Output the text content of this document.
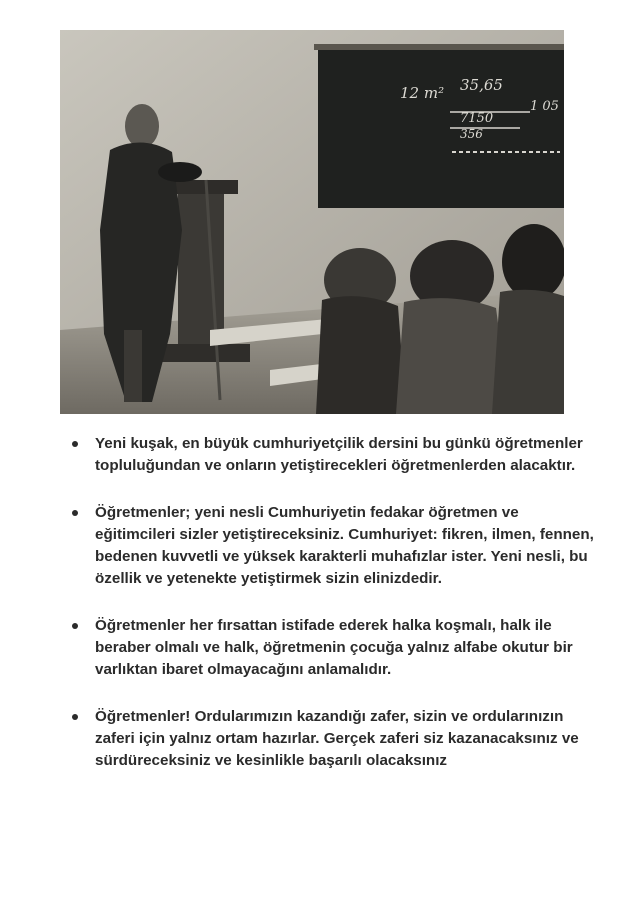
12 m² 35,65
7150
356
1 05
Yeni kuşak, en büyük cumhuriyetçilik dersini bu günkü öğretmenler topluluğundan ve onların yetiştirecekleri öğretmenlerden alacaktır.
Öğretmenler; yeni nesli Cumhuriyetin fedakar öğretmen ve eğitimcileri sizler yetiştireceksiniz. Cumhuriyet: fikren, ilmen, fennen, bedenen kuvvetli ve yüksek karakterli muhafızlar ister. Yeni nesli, bu özellik ve yetenekte yetiştirmek sizin elinizdedir.
Öğretmenler her fırsattan istifade ederek halka koşmalı, halk ile beraber olmalı ve halk, öğretmenin çocuğa yalnız alfabe okutur bir varlıktan ibaret olmayacağını anlamalıdır.
Öğretmenler! Ordularımızın kazandığı zafer, sizin ve ordularınızın zaferi için yalnız ortam hazırlar. Gerçek zaferi siz kazanacaksınız ve sürdüreceksiniz ve kesinlikle başarılı olacaksınız
